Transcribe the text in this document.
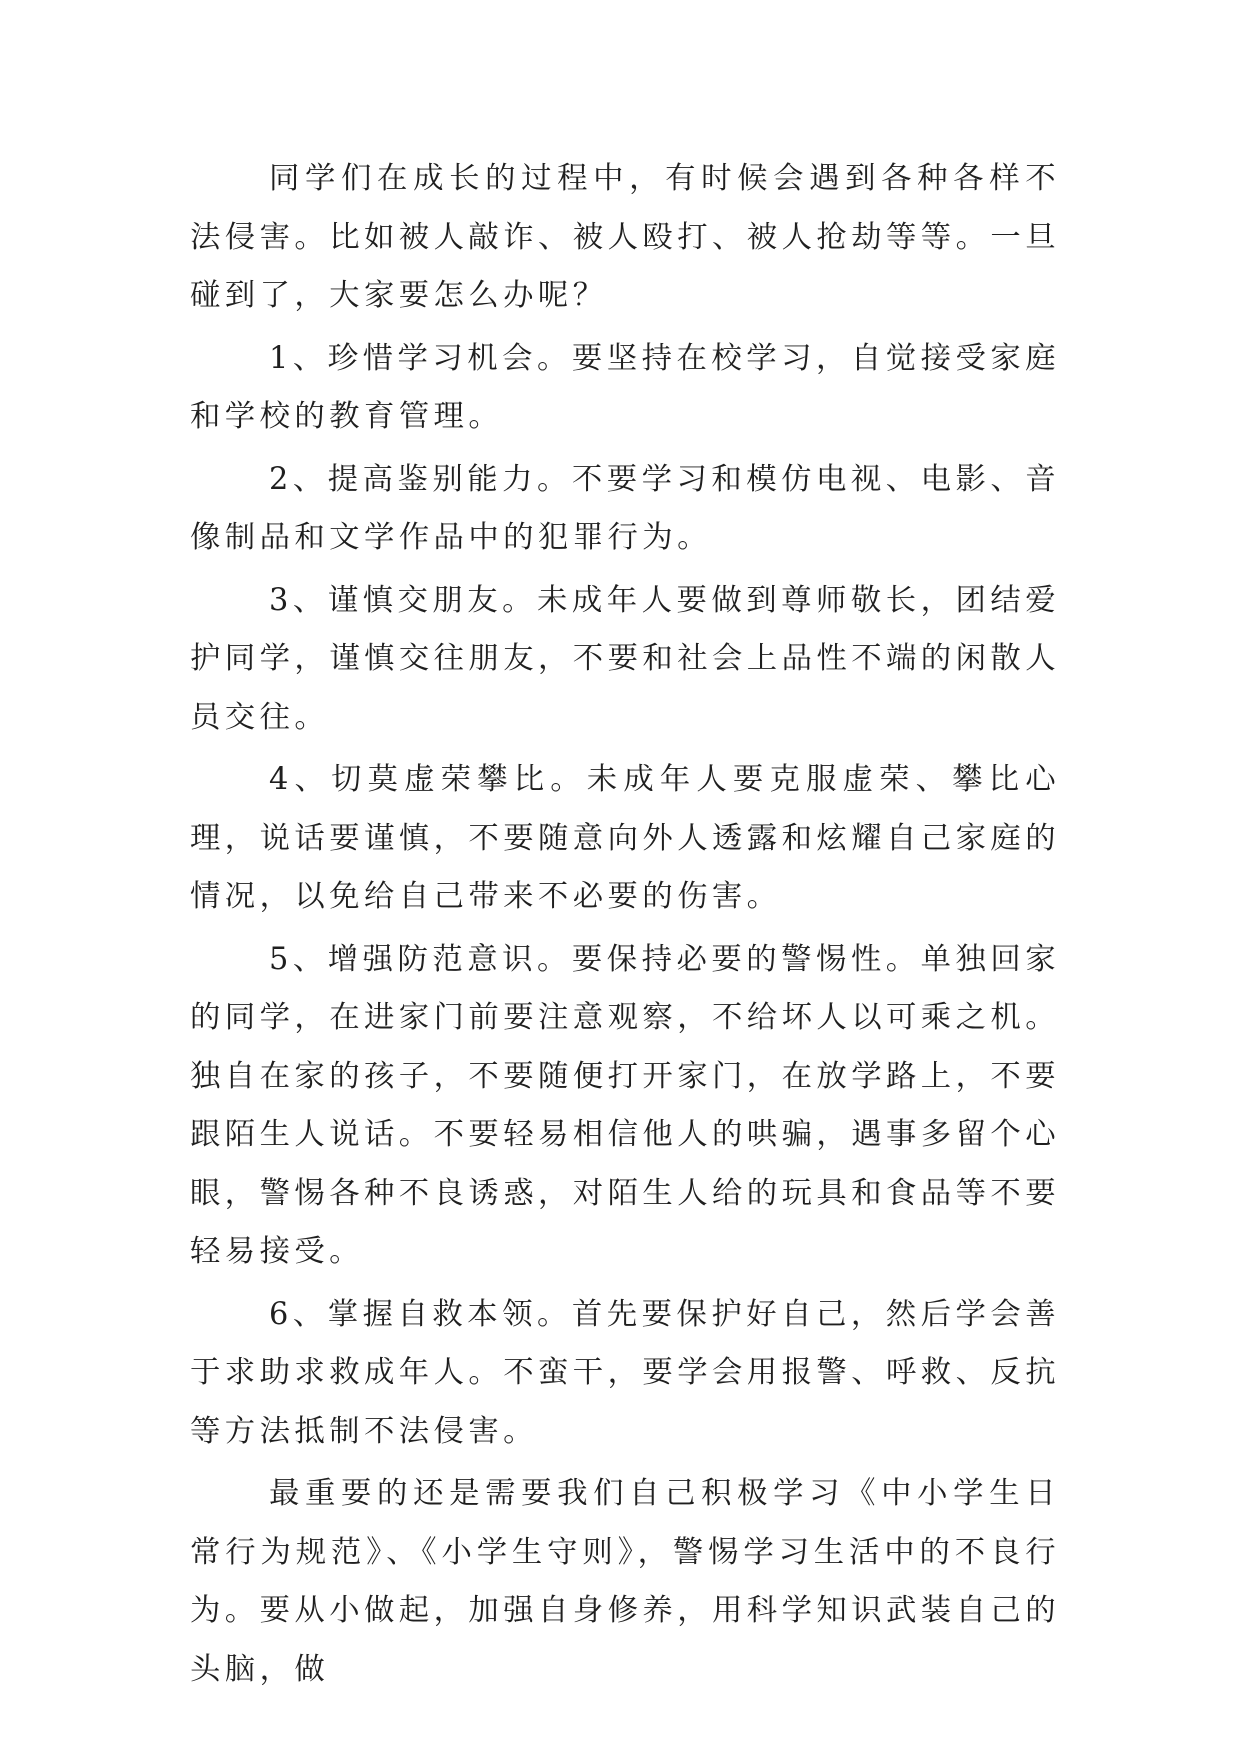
同学们在成长的过程中，有时候会遇到各种各样不法侵害。比如被人敲诈、被人殴打、被人抢劫等等。一旦碰到了，大家要怎么办呢？

1、珍惜学习机会。要坚持在校学习，自觉接受家庭和学校的教育管理。

2、提高鉴别能力。不要学习和模仿电视、电影、音像制品和文学作品中的犯罪行为。

3、谨慎交朋友。未成年人要做到尊师敬长，团结爱护同学，谨慎交往朋友，不要和社会上品性不端的闲散人员交往。

4、切莫虚荣攀比。未成年人要克服虚荣、攀比心理，说话要谨慎，不要随意向外人透露和炫耀自己家庭的情况，以免给自己带来不必要的伤害。

5、增强防范意识。要保持必要的警惕性。单独回家的同学，在进家门前要注意观察，不给坏人以可乘之机。独自在家的孩子，不要随便打开家门，在放学路上，不要跟陌生人说话。不要轻易相信他人的哄骗，遇事多留个心眼，警惕各种不良诱惑，对陌生人给的玩具和食品等不要轻易接受。

6、掌握自救本领。首先要保护好自己，然后学会善于求助求救成年人。不蛮干，要学会用报警、呼救、反抗等方法抵制不法侵害。

最重要的还是需要我们自己积极学习《中小学生日常行为规范》、《小学生守则》，警惕学习生活中的不良行为。要从小做起，加强自身修养，用科学知识武装自己的头脑，做
